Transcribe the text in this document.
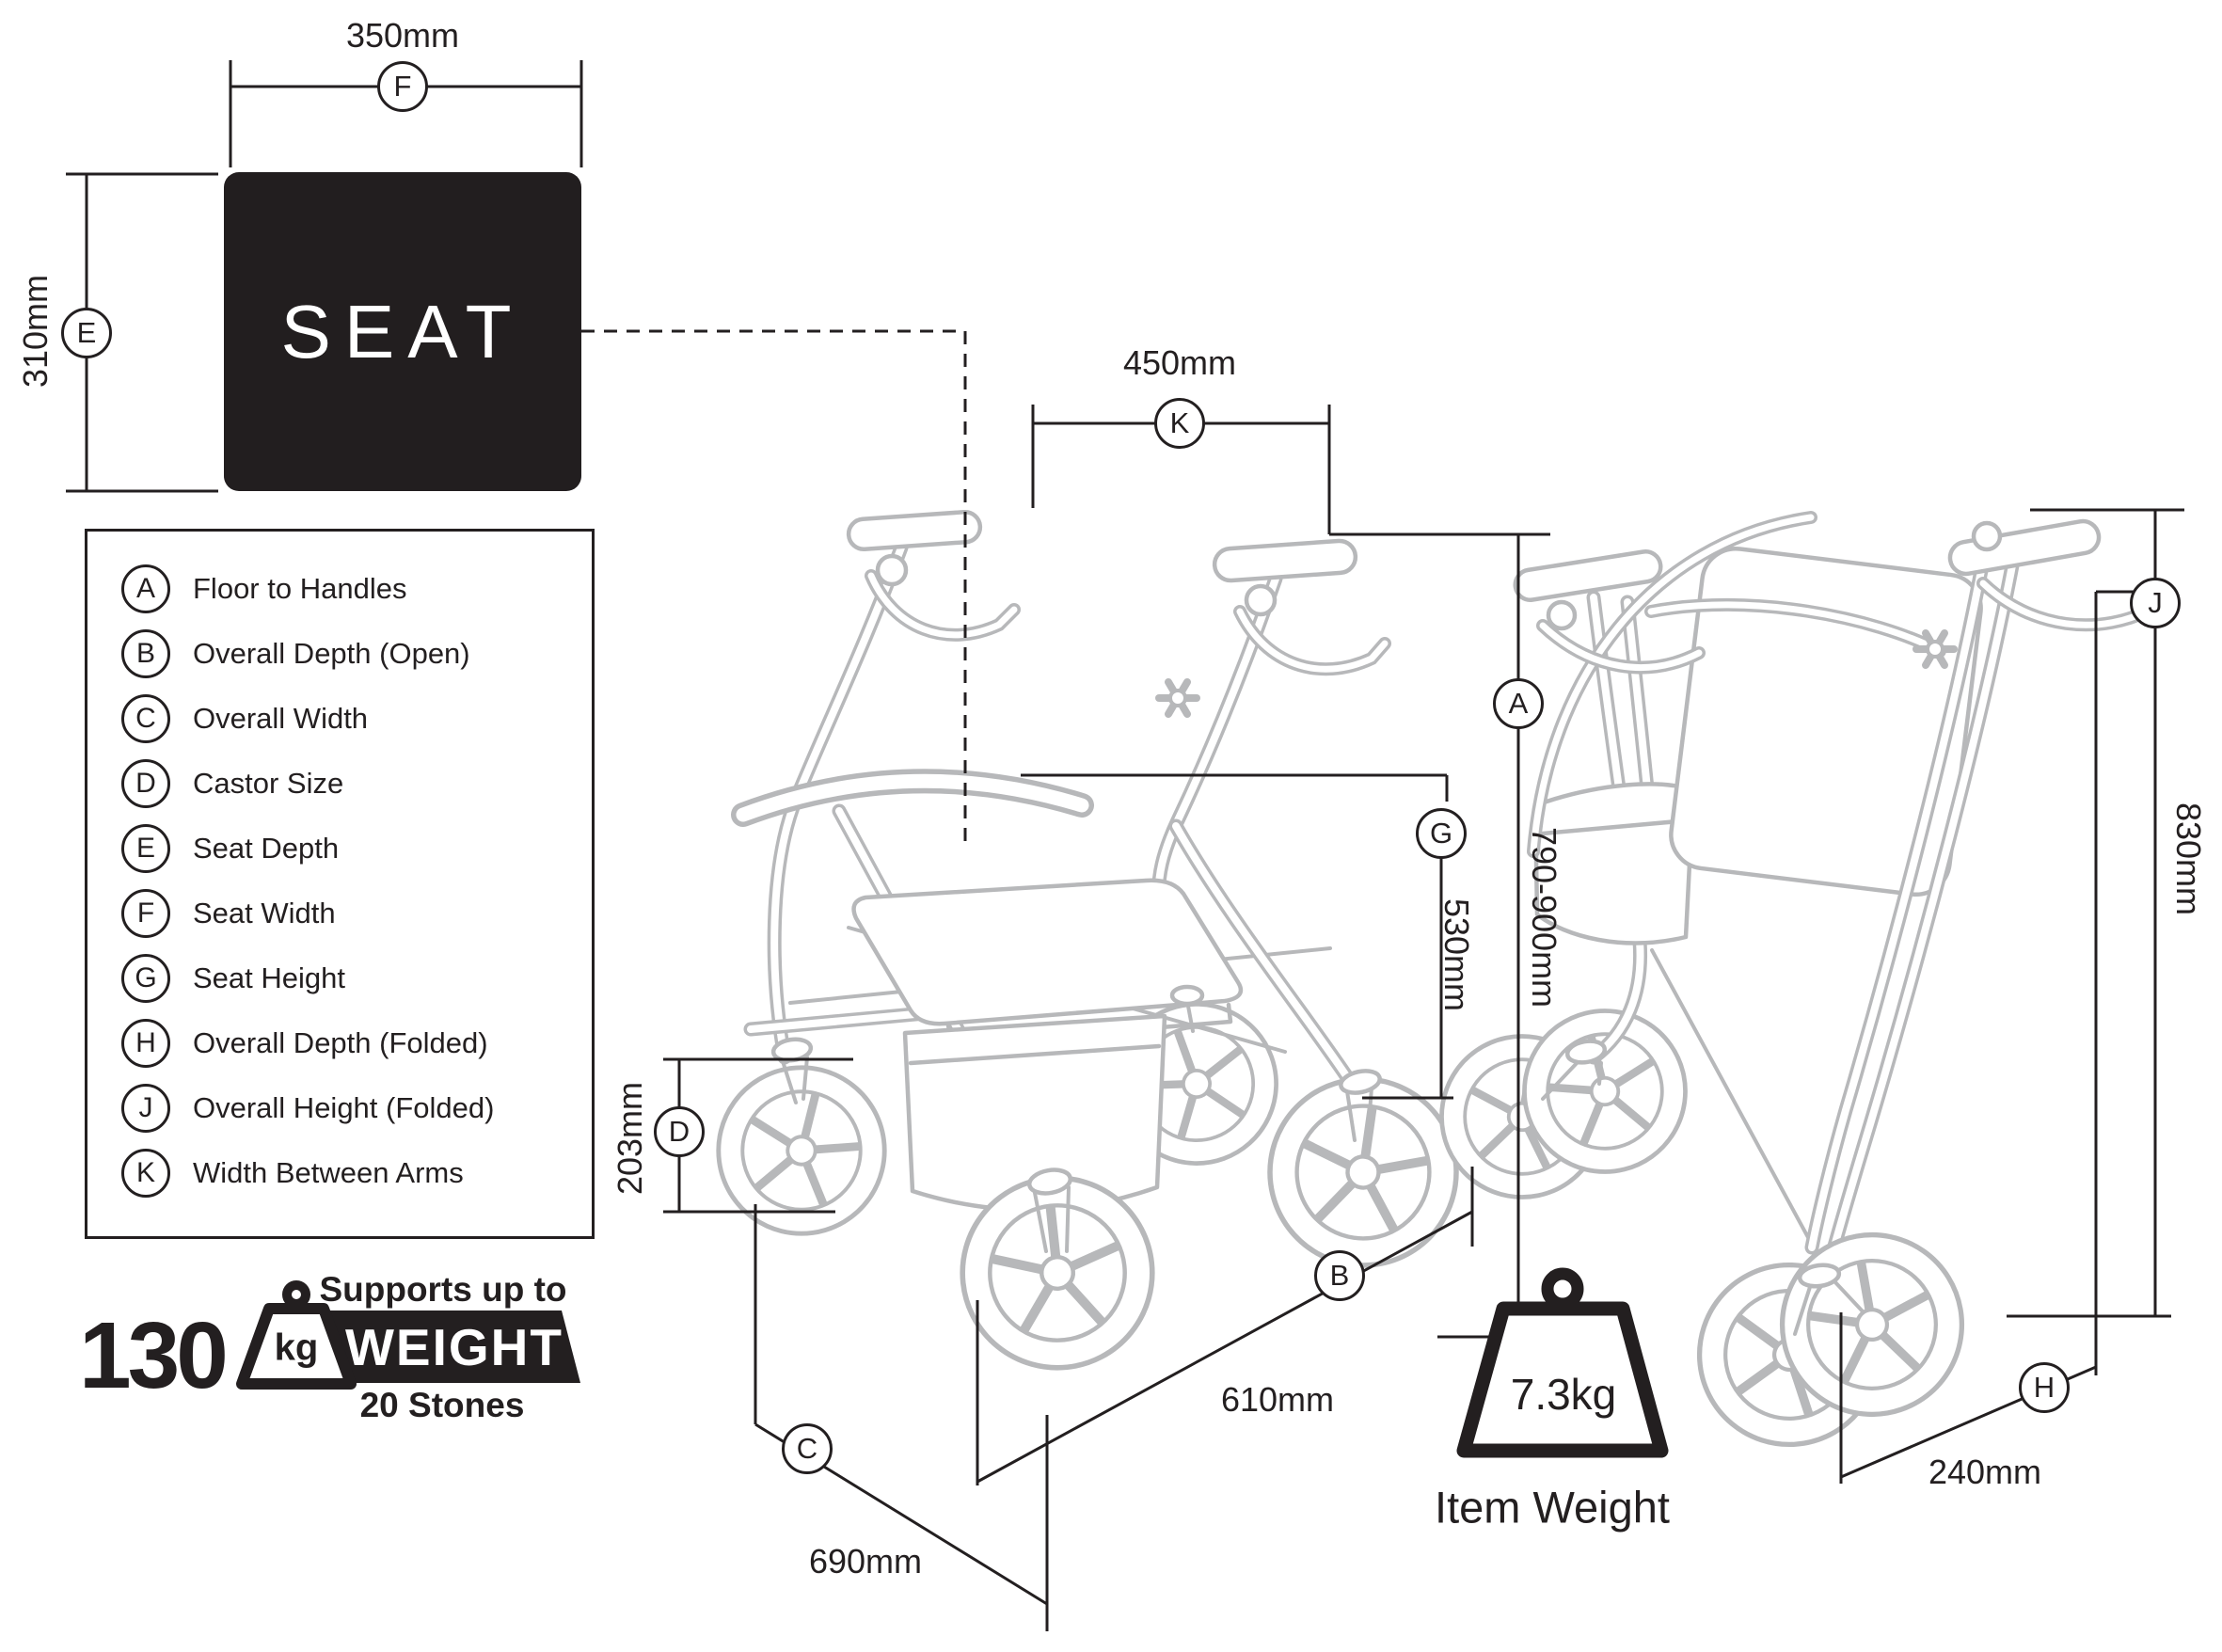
SEAT
350mm
F
310mm E
A	Floor to Handles
B	Overall Depth (Open)
C	Overall Width
D	Castor Size
E	Seat Depth
F	Seat Width
G	Seat Height
H	Overall Depth (Folded)
J	Overall Height (Folded)
K	Width Between Arms
130 kg
Supports up to
WEIGHT
20 Stones
450mm
K
A
790-900mm
G
530mm
D
203mm
C
690mm
B
610mm
J
830mm
H
240mm
7.3kg
Item Weight
